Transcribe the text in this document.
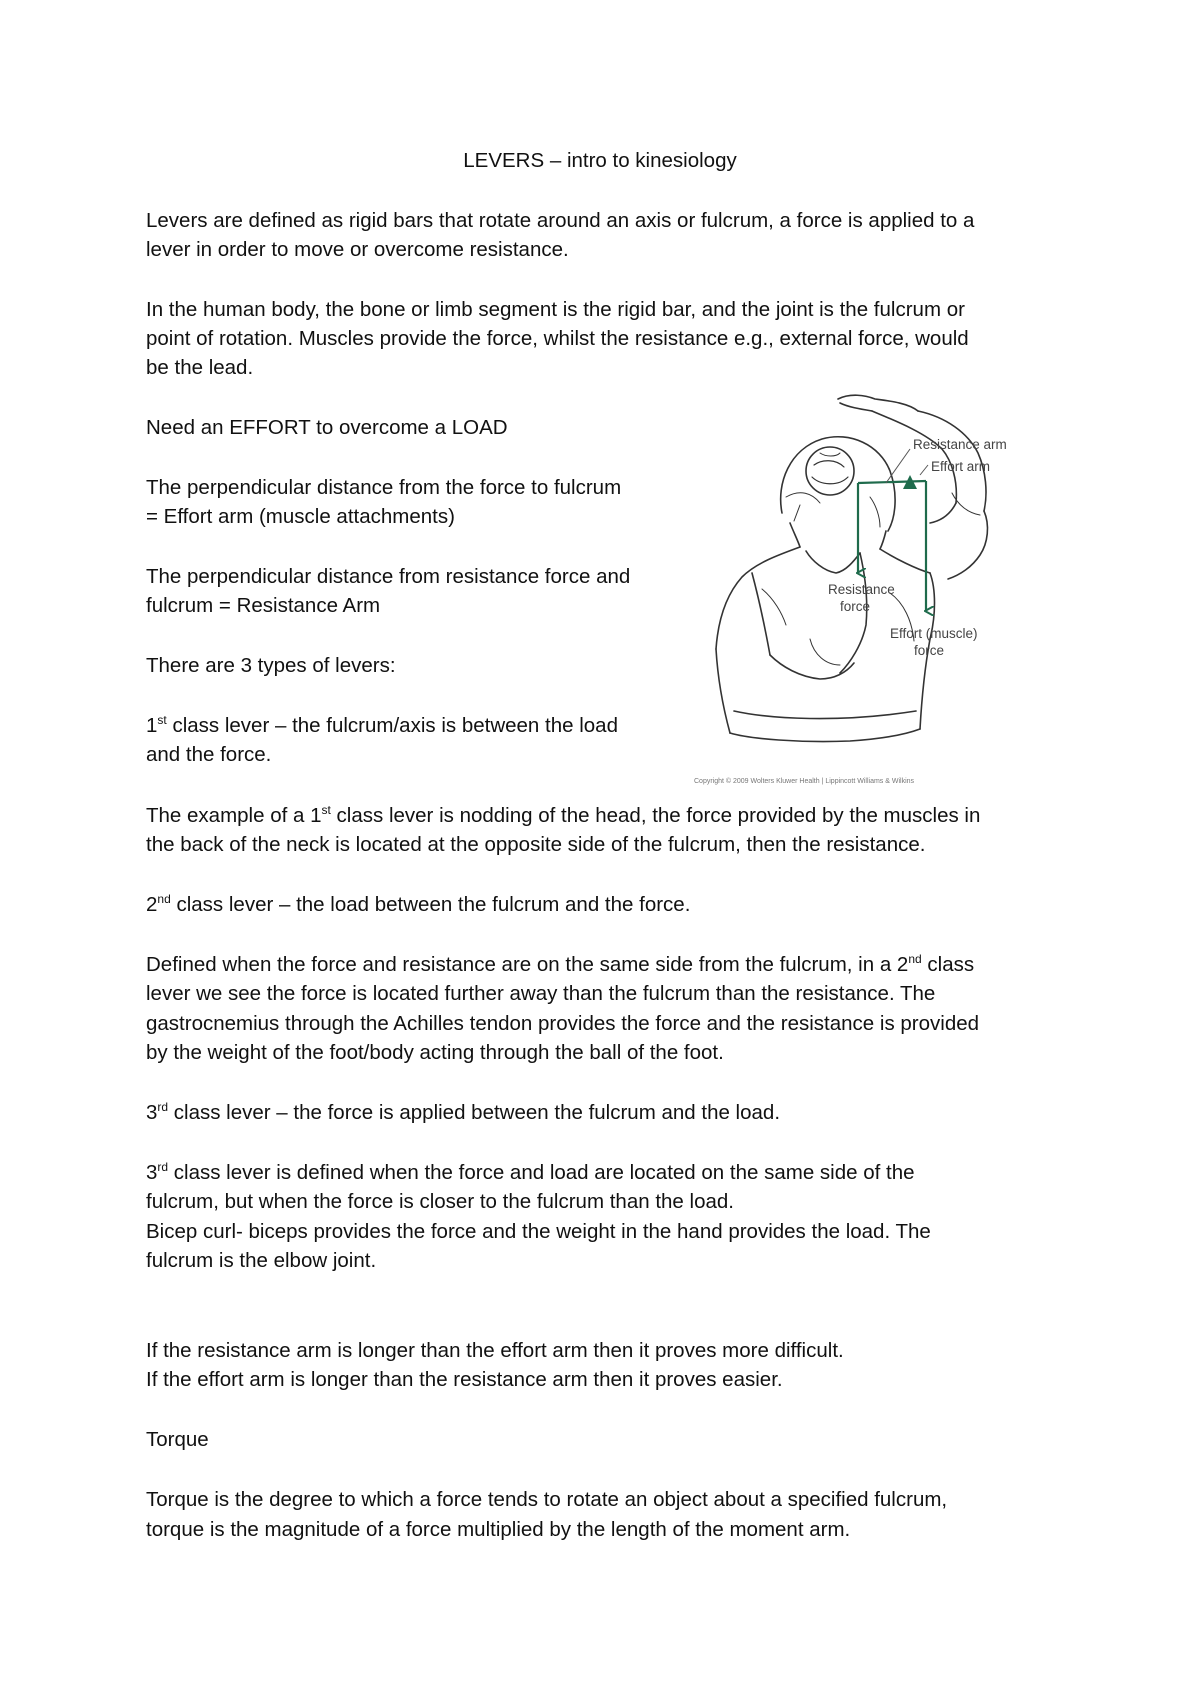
LEVERS – intro to kinesiology

Levers are defined as rigid bars that rotate around an axis or fulcrum, a force is applied to a

lever in order to move or overcome resistance.

In the human body, the bone or limb segment is the rigid bar, and the joint is the fulcrum or

point of rotation. Muscles provide the force, whilst the resistance e.g., external force, would

be the lead.

Need an EFFORT to overcome a LOAD

The perpendicular distance from the force to fulcrum

= Effort arm (muscle attachments)

The perpendicular distance from resistance force and

fulcrum = Resistance Arm

There are 3 types of levers:

1st class lever – the fulcrum/axis is between the load

and the force.

The example of a 1st class lever is nodding of the head, the force provided by the muscles in

the back of the neck is located at the opposite side of the fulcrum, then the resistance.

2nd class lever – the load between the fulcrum and the force.

Defined when the force and resistance are on the same side from the fulcrum, in a 2nd class

lever we see the force is located further away than the fulcrum than the resistance. The

gastrocnemius through the Achilles tendon provides the force and the resistance is provided

by the weight of the foot/body acting through the ball of the foot.

3rd class lever – the force is applied between the fulcrum and the load.

3rd class lever is defined when the force and load are located on the same side of the

fulcrum, but when the force is closer to the fulcrum than the load.

Bicep curl- biceps provides the force and the weight in the hand provides the load. The

fulcrum is the elbow joint.

If the resistance arm is longer than the effort arm then it proves more difficult.

If the effort arm is longer than the resistance arm then it proves easier.

Torque

Torque is the degree to which a force tends to rotate an object about a specified fulcrum,

torque is the magnitude of a force multiplied by the length of the moment arm.

Resistance arm
Effort arm
Resistance
force
Effort (muscle)
force
Copyright © 2009 Wolters Kluwer Health | Lippincott Williams & Wilkins
